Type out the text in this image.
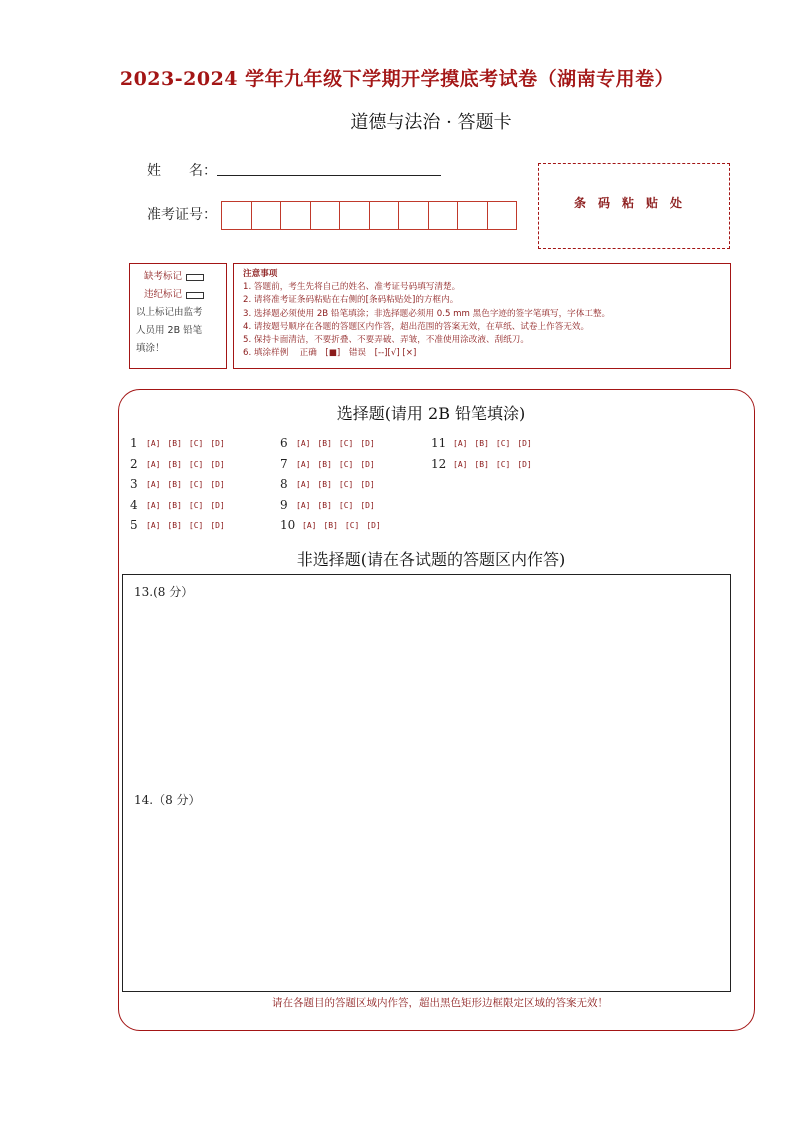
2023-2024 学年九年级下学期开学摸底考试卷（湖南专用卷）
道德与法治 · 答题卡
姓　　名：
准考证号：
条码粘贴处
缺考标记
违纪标记
以上标记由监考
人员用 2B 铅笔
填涂！
注意事项
1. 答题前，考生先将自己的姓名、准考证号码填写清楚。
2. 请将准考证条码粘贴在右侧的[条码粘贴处]的方框内。
3. 选择题必须使用 2B 铅笔填涂；非选择题必须用 0.5 mm 黑色字迹的签字笔填写，字体工整。
4. 请按题号顺序在各题的答题区内作答，超出范围的答案无效，在草纸、试卷上作答无效。
5. 保持卡面清洁，不要折叠、不要弄破、弄皱，不准使用涂改液、刮纸刀。
6. 填涂样例　 正确　[■]　错误　[--][√] [×]
选择题(请用 2B 铅笔填涂)
1	[A] [B] [C] [D]
2	[A] [B] [C] [D]
3	[A] [B] [C] [D]
4	[A] [B] [C] [D]
5	[A] [B] [C] [D]
6	[A] [B] [C] [D]
7	[A] [B] [C] [D]
8	[A] [B] [C] [D]
9	[A] [B] [C] [D]
10 [A] [B] [C] [D]
11 [A] [B] [C] [D]
12 [A] [B] [C] [D]
非选择题(请在各试题的答题区内作答)
13.(8 分）
14.（8 分）
请在各题目的答题区域内作答，超出黑色矩形边框限定区域的答案无效！
